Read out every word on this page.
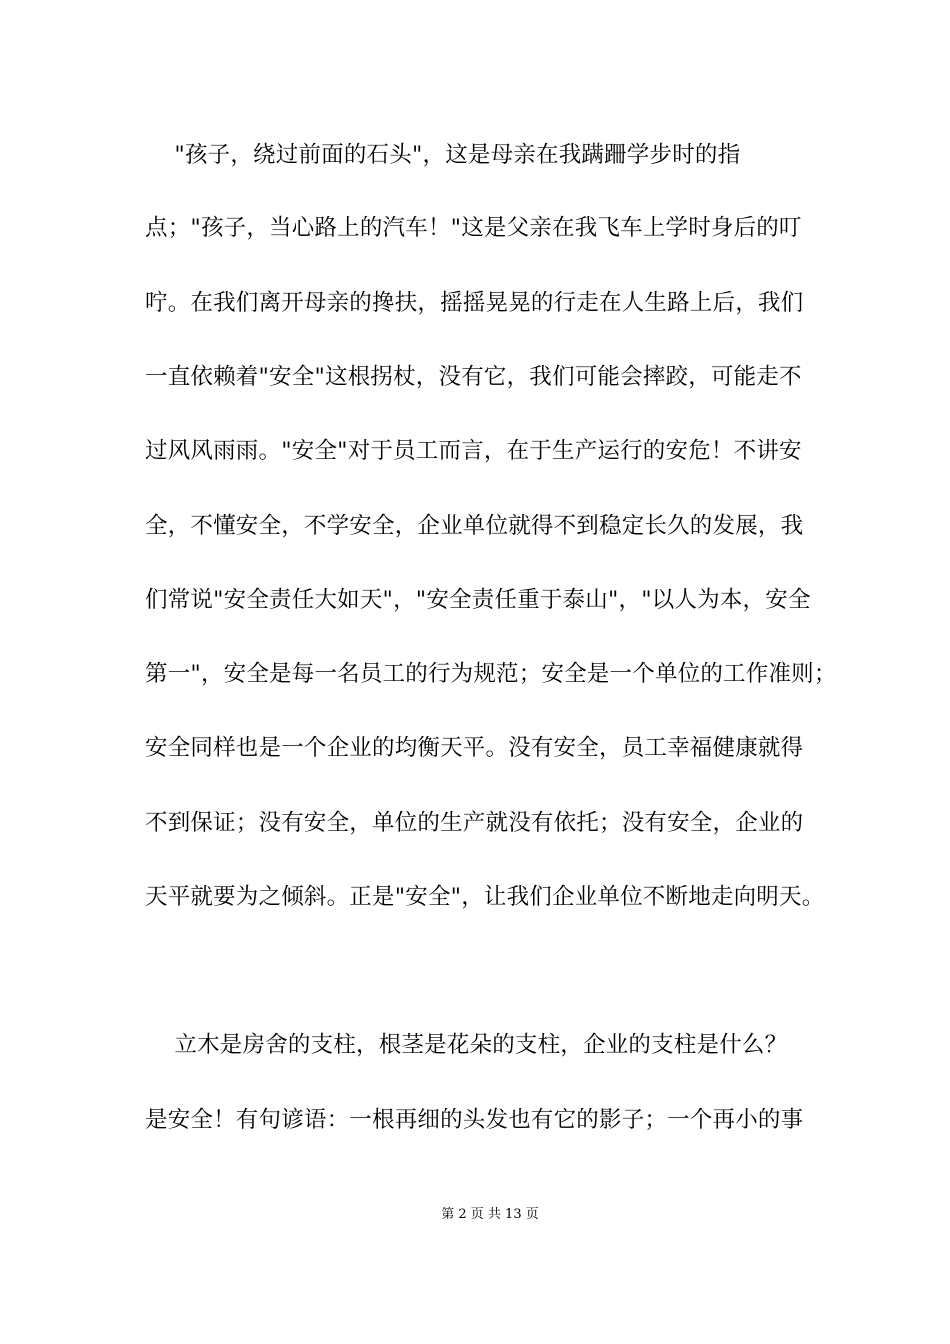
"孩子，绕过前面的石头"，这是母亲在我蹒跚学步时的指
点；"孩子，当心路上的汽车！"这是父亲在我飞车上学时身后的叮
咛。在我们离开母亲的搀扶，摇摇晃晃的行走在人生路上后，我们
一直依赖着"安全"这根拐杖，没有它，我们可能会摔跤，可能走不
过风风雨雨。"安全"对于员工而言，在于生产运行的安危！不讲安
全，不懂安全，不学安全，企业单位就得不到稳定长久的发展，我
们常说"安全责任大如天"，"安全责任重于泰山"，"以人为本，安全
第一"，安全是每一名员工的行为规范；安全是一个单位的工作准则；
安全同样也是一个企业的均衡天平。没有安全，员工幸福健康就得
不到保证；没有安全，单位的生产就没有依托；没有安全，企业的
天平就要为之倾斜。正是"安全"，让我们企业单位不断地走向明天。
立木是房舍的支柱，根茎是花朵的支柱，企业的支柱是什么？
是安全！有句谚语：一根再细的头发也有它的影子；一个再小的事
第 2 页 共 13 页
